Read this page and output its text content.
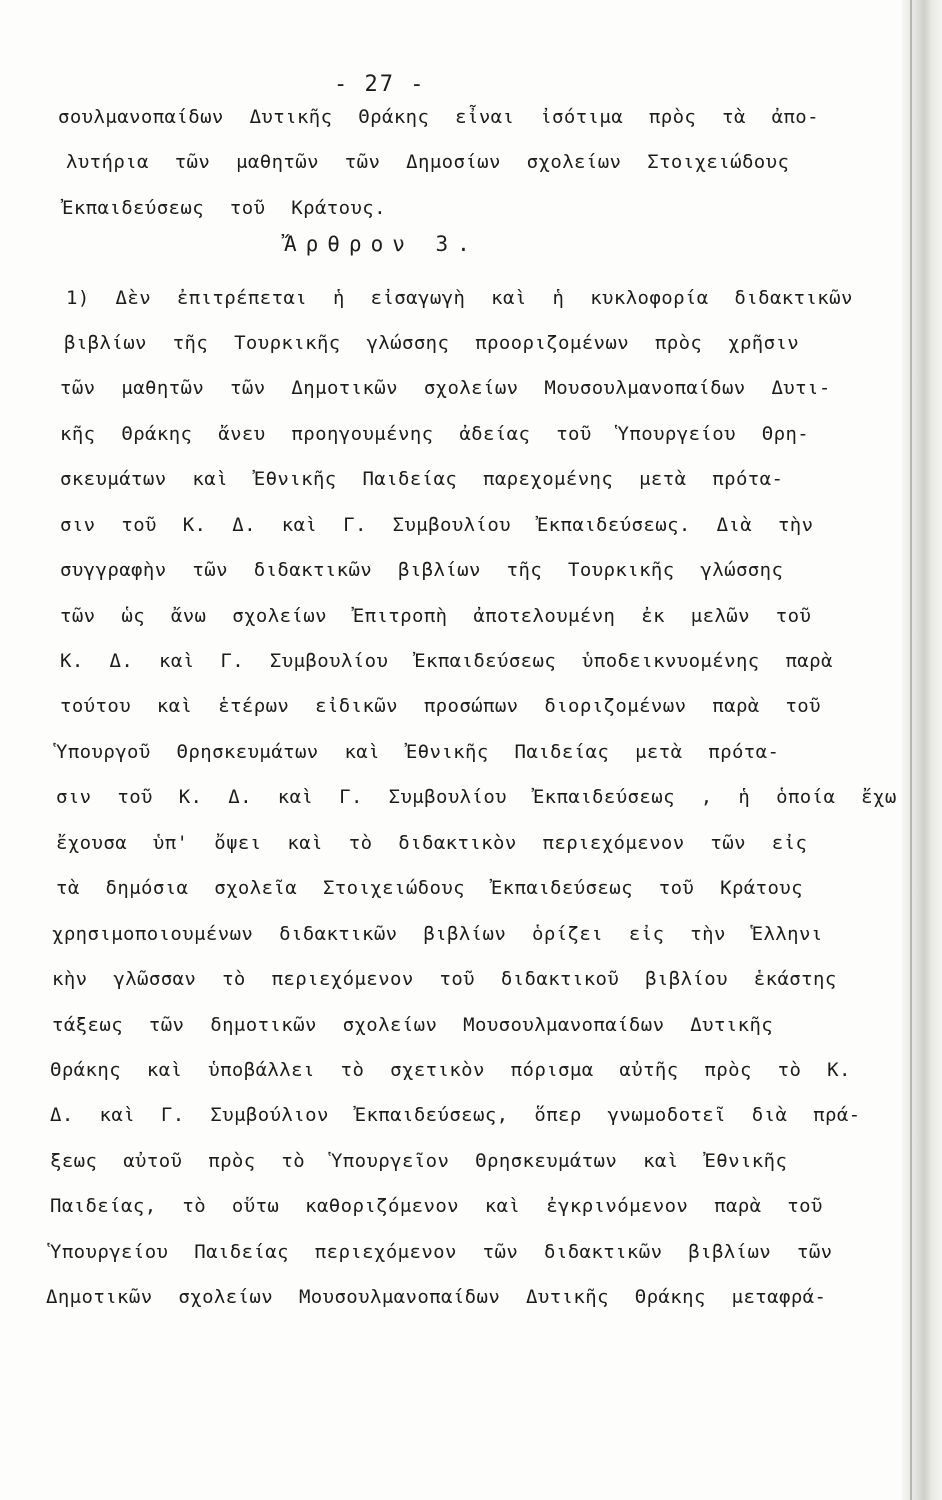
- 27 -
σουλμανοπαίδων Δυτικῆς Θράκης εἶναι ἰσότιμα πρὸς τὰ ἀπο-
λυτήρια τῶν μαθητῶν τῶν Δημοσίων σχολείων Στοιχειώδους
Ἐκπαιδεύσεως τοῦ Κράτους.
Ἄρθρον 3.
1) Δὲν ἐπιτρέπεται ἡ εἰσαγωγὴ καὶ ἡ κυκλοφορία διδακτικῶν
βιβλίων τῆς Τουρκικῆς γλώσσης προοριζομένων πρὸς χρῆσιν
τῶν μαθητῶν τῶν Δημοτικῶν σχολείων Μουσουλμανοπαίδων Δυτι-
κῆς Θράκης ἄνευ προηγουμένης ἀδείας τοῦ Ὑπουργείου Θρη-
σκευμάτων καὶ Ἐθνικῆς Παιδείας παρεχομένης μετὰ πρότα-
σιν τοῦ Κ. Δ. καὶ Γ. Συμβουλίου Ἐκπαιδεύσεως. Διὰ τὴν
συγγραφὴν τῶν διδακτικῶν βιβλίων τῆς Τουρκικῆς γλώσσης
τῶν ὡς ἄνω σχολείων Ἐπιτροπὴ ἀποτελουμένη ἐκ μελῶν τοῦ
Κ. Δ. καὶ Γ. Συμβουλίου Ἐκπαιδεύσεως ὑποδεικνυομένης παρὰ
τούτου καὶ ἑτέρων εἰδικῶν προσώπων διοριζομένων παρὰ τοῦ
Ὑπουργοῦ Θρησκευμάτων καὶ Ἐθνικῆς Παιδείας μετὰ πρότα-
σιν τοῦ Κ. Δ. καὶ Γ. Συμβουλίου Ἐκπαιδεύσεως , ἡ ὁποία ἔχω
ἔχουσα ὑπ' ὄψει καὶ τὸ διδακτικὸν περιεχόμενον τῶν εἰς
τὰ δημόσια σχολεῖα Στοιχειώδους Ἐκπαιδεύσεως τοῦ Κράτους
χρησιμοποιουμένων διδακτικῶν βιβλίων ὁρίζει εἰς τὴν Ἑλληνι
κὴν γλῶσσαν τὸ περιεχόμενον τοῦ διδακτικοῦ βιβλίου ἑκάστης
τάξεως τῶν δημοτικῶν σχολείων Μουσουλμανοπαίδων Δυτικῆς
Θράκης καὶ ὑποβάλλει τὸ σχετικὸν πόρισμα αὐτῆς πρὸς τὸ Κ.
Δ. καὶ Γ. Συμβούλιον Ἐκπαιδεύσεως, ὅπερ γνωμοδοτεῖ διὰ πρά-
ξεως αὐτοῦ πρὸς τὸ Ὑπουργεῖον Θρησκευμάτων καὶ Ἐθνικῆς
Παιδείας, τὸ οὕτω καθοριζόμενον καὶ ἐγκρινόμενον παρὰ τοῦ
Ὑπουργείου Παιδείας περιεχόμενον τῶν διδακτικῶν βιβλίων τῶν
Δημοτικῶν σχολείων Μουσουλμανοπαίδων Δυτικῆς Θράκης μεταφρά-
